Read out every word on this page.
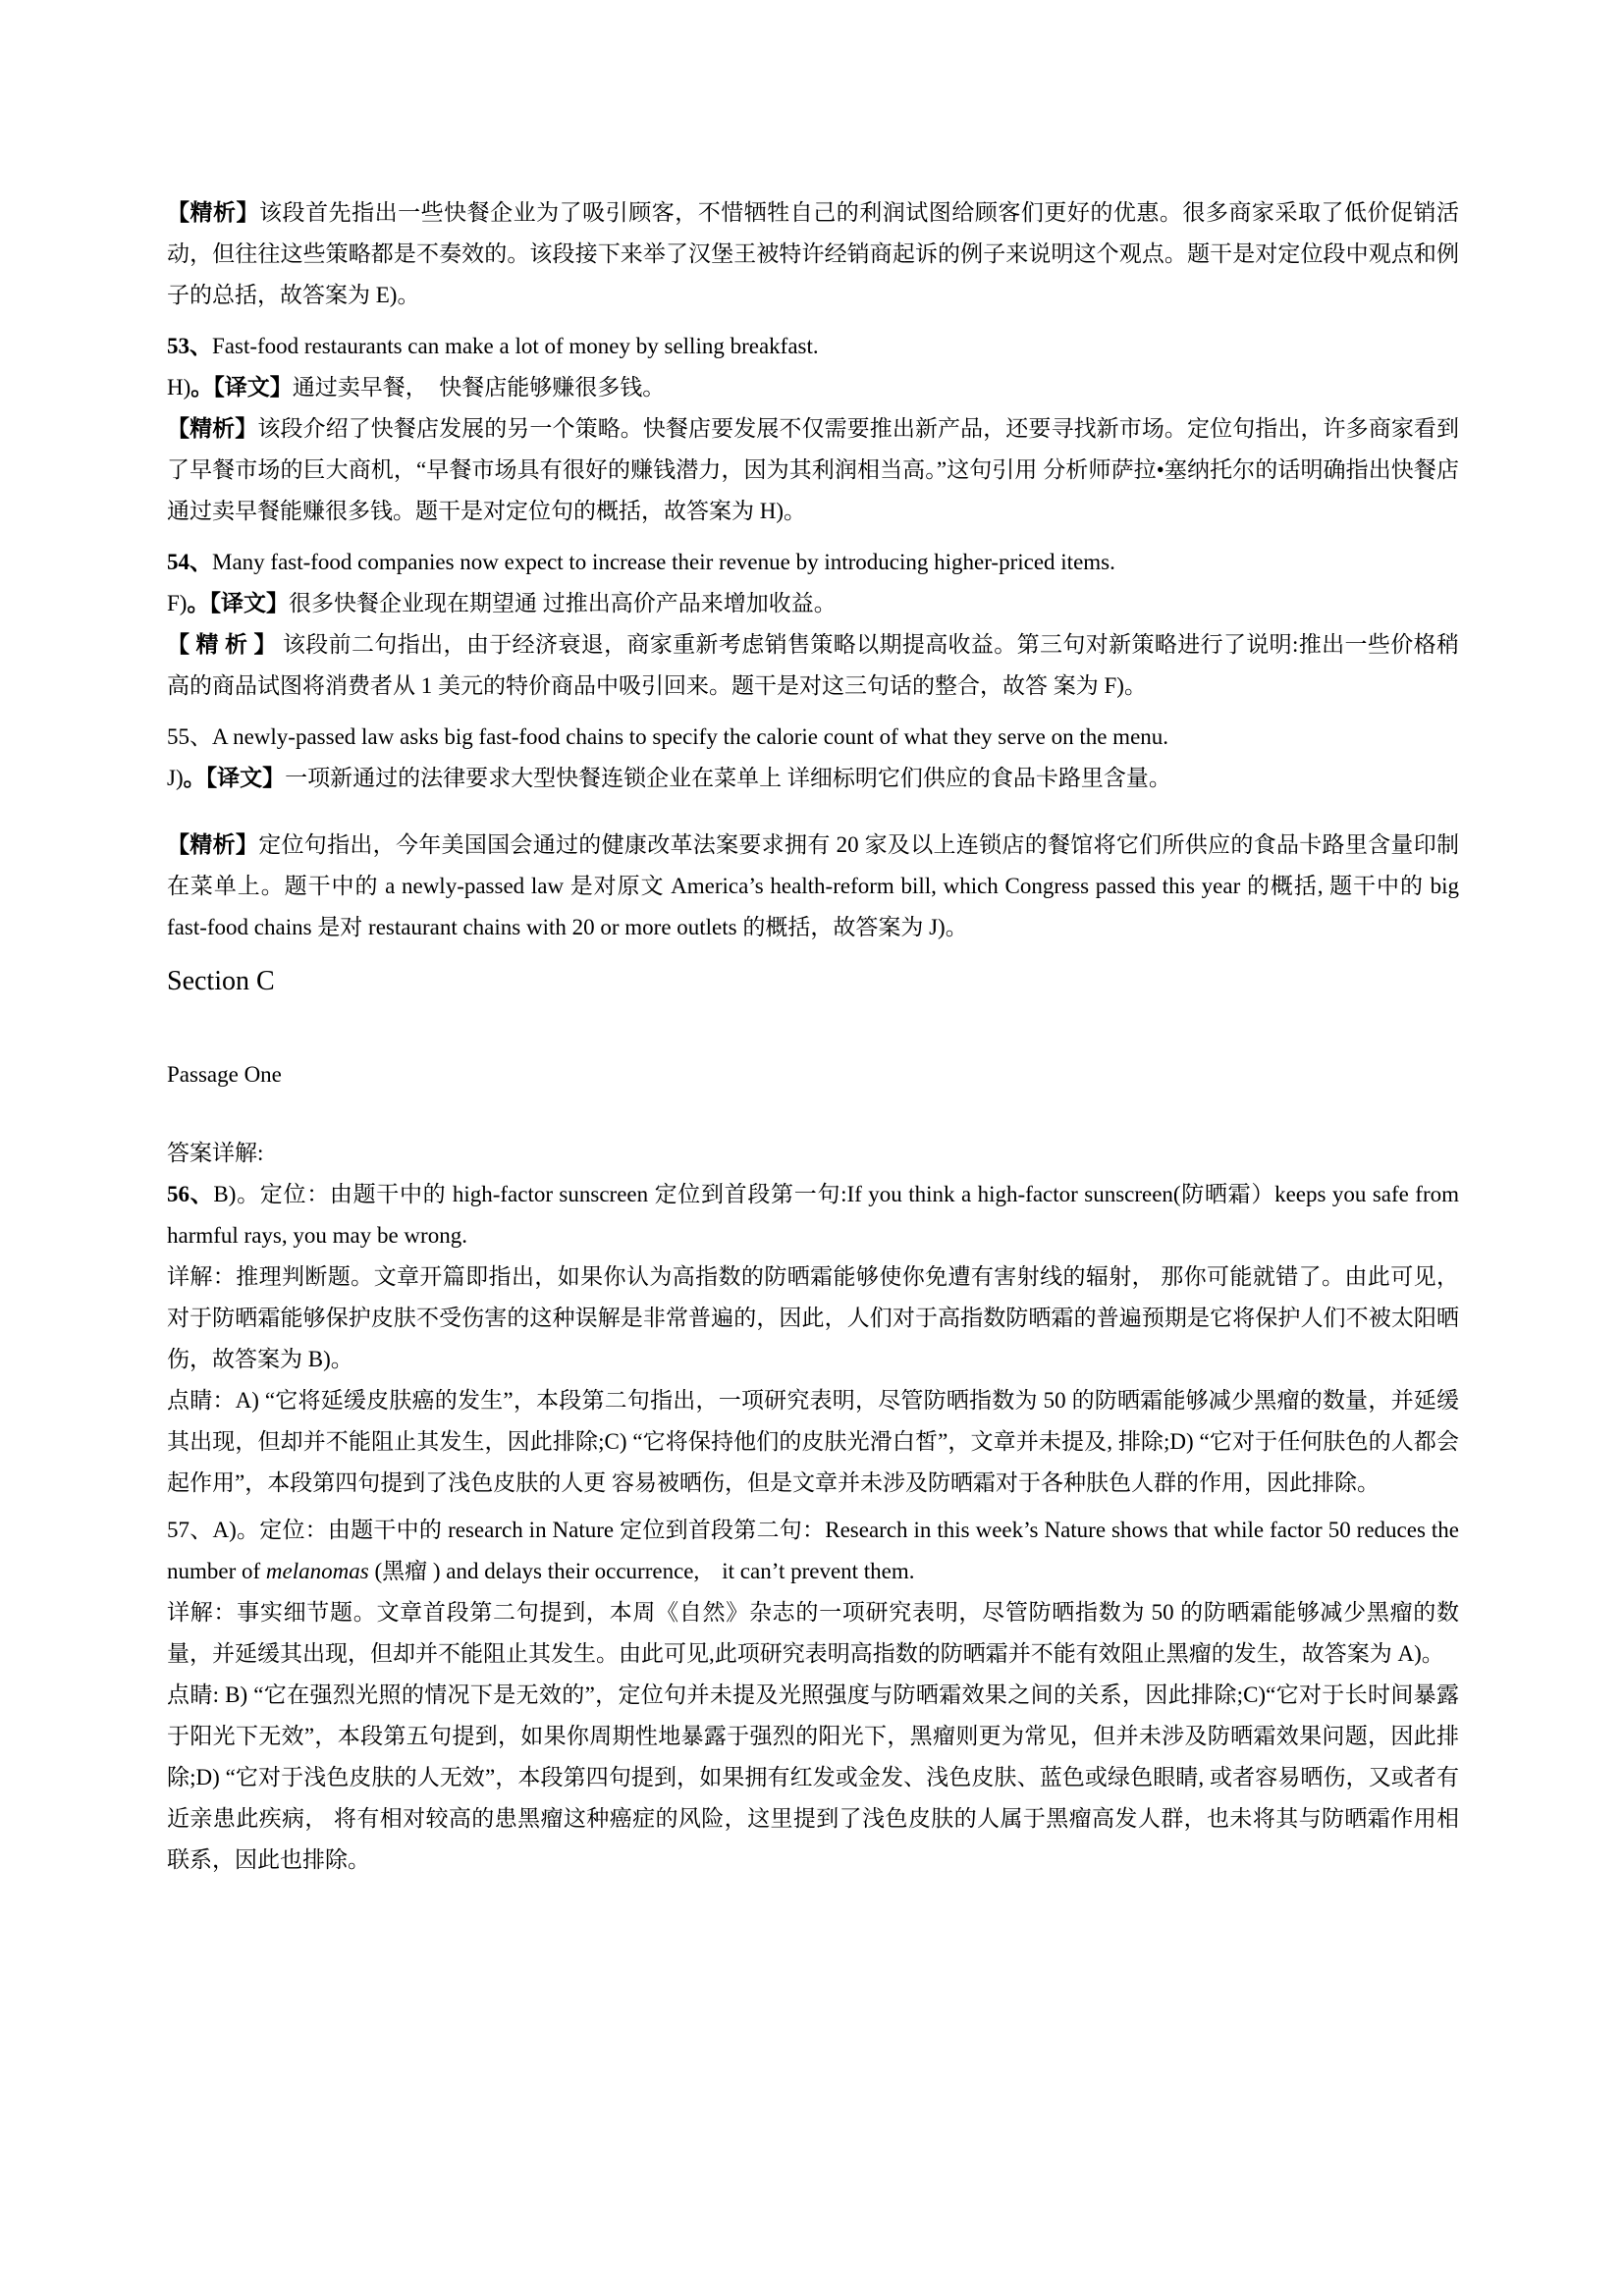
【精析】该段首先指出一些快餐企业为了吸引顾客，不惜牺牲自己的利润试图给顾客们更好的优惠。很多商家采取了低价促销活动，但往往这些策略都是不奏效的。该段接下来举了汉堡王被特许经销商起诉的例子来说明这个观点。题干是对定位段中观点和例子的总括，故答案为 E)。

53、Fast-food restaurants can make a lot of money by selling breakfast.

H)。【译文】通过卖早餐，　快餐店能够赚很多钱。

【精析】该段介绍了快餐店发展的另一个策略。快餐店要发展不仅需要推出新产品，还要寻找新市场。定位句指出，许多商家看到了早餐市场的巨大商机，“早餐市场具有很好的赚钱潜力，因为其利润相当高。”这句引用 分析师萨拉•塞纳托尔的话明确指出快餐店通过卖早餐能赚很多钱。题干是对定位句的概括，故答案为 H)。

54、Many fast-food companies now expect to increase their revenue by introducing higher-priced items.

F)。【译文】很多快餐企业现在期望通 过推出高价产品来增加收益。

【 精 析 】 该段前二句指出，由于经济衰退，商家重新考虑销售策略以期提高收益。第三句对新策略进行了说明:推出一些价格稍高的商品试图将消费者从 1 美元的特价商品中吸引回来。题干是对这三句话的整合，故答 案为 F)。

55、A newly-passed law asks big fast-food chains to specify the calorie count of what they serve on the menu.

J)。【译文】一项新通过的法律要求大型快餐连锁企业在菜单上 详细标明它们供应的食品卡路里含量。

【精析】定位句指出，今年美国国会通过的健康改革法案要求拥有 20 家及以上连锁店的餐馆将它们所供应的食品卡路里含量印制在菜单上。题干中的 a newly-passed law 是对原文 America’s health-reform bill, which Congress passed this year 的概括, 题干中的 big fast-food chains 是对 restaurant chains with 20 or more outlets 的概括，故答案为 J)。

Section C

Passage One

答案详解:

56、B)。定位：由题干中的 high-factor sunscreen 定位到首段第一句:If you think a high-factor sunscreen(防晒霜）keeps you safe from harmful rays, you may be wrong.

详解：推理判断题。文章开篇即指出，如果你认为高指数的防晒霜能够使你免遭有害射线的辐射， 那你可能就错了。由此可见，对于防晒霜能够保护皮肤不受伤害的这种误解是非常普遍的，因此，人们对于高指数防晒霜的普遍预期是它将保护人们不被太阳晒伤，故答案为 B)。

点睛：A) “它将延缓皮肤癌的发生”，本段第二句指出，一项研究表明，尽管防晒指数为 50 的防晒霜能够减少黑瘤的数量，并延缓其出现，但却并不能阻止其发生，因此排除;C) “它将保持他们的皮肤光滑白皙”，文章并未提及, 排除;D) “它对于任何肤色的人都会起作用”，本段第四句提到了浅色皮肤的人更 容易被晒伤，但是文章并未涉及防晒霜对于各种肤色人群的作用，因此排除。

57、A)。定位：由题干中的 research in Nature 定位到首段第二句：Research in this week’s Nature shows that while factor 50 reduces the number of melanomas (黑瘤 ) and delays their occurrence,　it can’t prevent them.

详解：事实细节题。文章首段第二句提到，本周《自然》杂志的一项研究表明，尽管防晒指数为 50 的防晒霜能够减少黑瘤的数量，并延缓其出现，但却并不能阻止其发生。由此可见,此项研究表明高指数的防晒霜并不能有效阻止黑瘤的发生，故答案为 A)。

点睛: B) “它在强烈光照的情况下是无效的”，定位句并未提及光照强度与防晒霜效果之间的关系，因此排除;C)“它对于长时间暴露于阳光下无效”，本段第五句提到，如果你周期性地暴露于强烈的阳光下，黑瘤则更为常见，但并未涉及防晒霜效果问题，因此排除;D) “它对于浅色皮肤的人无效”，本段第四句提到，如果拥有红发或金发、浅色皮肤、蓝色或绿色眼睛, 或者容易晒伤，又或者有近亲患此疾病， 将有相对较高的患黑瘤这种癌症的风险，这里提到了浅色皮肤的人属于黑瘤高发人群，也未将其与防晒霜作用相联系，因此也排除。
